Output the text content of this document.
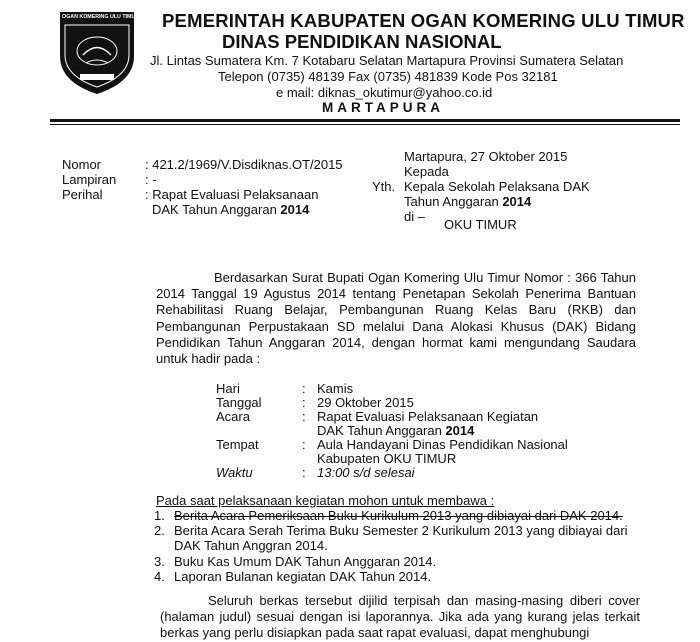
OGAN KOMERING ULU TIMUR PEMERINTAH KABUPATEN OGAN KOMERING ULU TIMUR
DINAS PENDIDIKAN NASIONAL
Jl. Lintas Sumatera Km. 7 Kotabaru Selatan Martapura Provinsi Sumatera Selatan
Telepon (0735) 48139 Fax (0735) 481839 Kode Pos 32181
e mail: diknas_okutimur@yahoo.co.id
MARTAPURA
Nomor	: 421.2/1969/V.Disdiknas.OT/2015
Lampiran : -
Perihal	: Rapat Evaluasi Pelaksanaan
DAK Tahun Anggaran 2014
Martapura, 27 Oktober 2015
Kepada
Yth. Kepala Sekolah Pelaksana DAK
Tahun Anggaran 2014
di –
OKU TIMUR
Berdasarkan Surat Bupati Ogan Komering Ulu Timur Nomor : 366 Tahun 2014 Tanggal 19 Agustus 2014 tentang Penetapan Sekolah Penerima Bantuan Rehabilitasi Ruang Belajar, Pembangunan Ruang Kelas Baru (RKB) dan Pembangunan Perpustakaan SD melalui Dana Alokasi Khusus (DAK) Bidang Pendidikan Tahun Anggaran 2014, dengan hormat kami mengundang Saudara untuk hadir pada :
Hari	: Kamis
Tanggal	: 29 Oktober 2015
Acara	: Rapat Evaluasi Pelaksanaan Kegiatan
DAK Tahun Anggaran 2014
Tempat	: Aula Handayani Dinas Pendidikan Nasional
Kabupaten OKU TIMUR
Waktu	: 13:00 s/d selesai
Pada saat pelaksanaan kegiatan mohon untuk membawa :
1. Berita Acara Pemeriksaan Buku Kurikulum 2013 yang dibiayai dari DAK 2014.
2. Berita Acara Serah Terima Buku Semester 2 Kurikulum 2013 yang dibiayai dari DAK Tahun Anggran 2014.
3. Buku Kas Umum DAK Tahun Anggaran 2014.
4. Laporan Bulanan kegiatan DAK Tahun 2014.
Seluruh berkas tersebut dijilid terpisah dan masing-masing diberi cover (halaman judul) sesuai dengan isi laporannya. Jika ada yang kurang jelas terkait berkas yang perlu disiapkan pada saat rapat evaluasi, dapat menghubungi
